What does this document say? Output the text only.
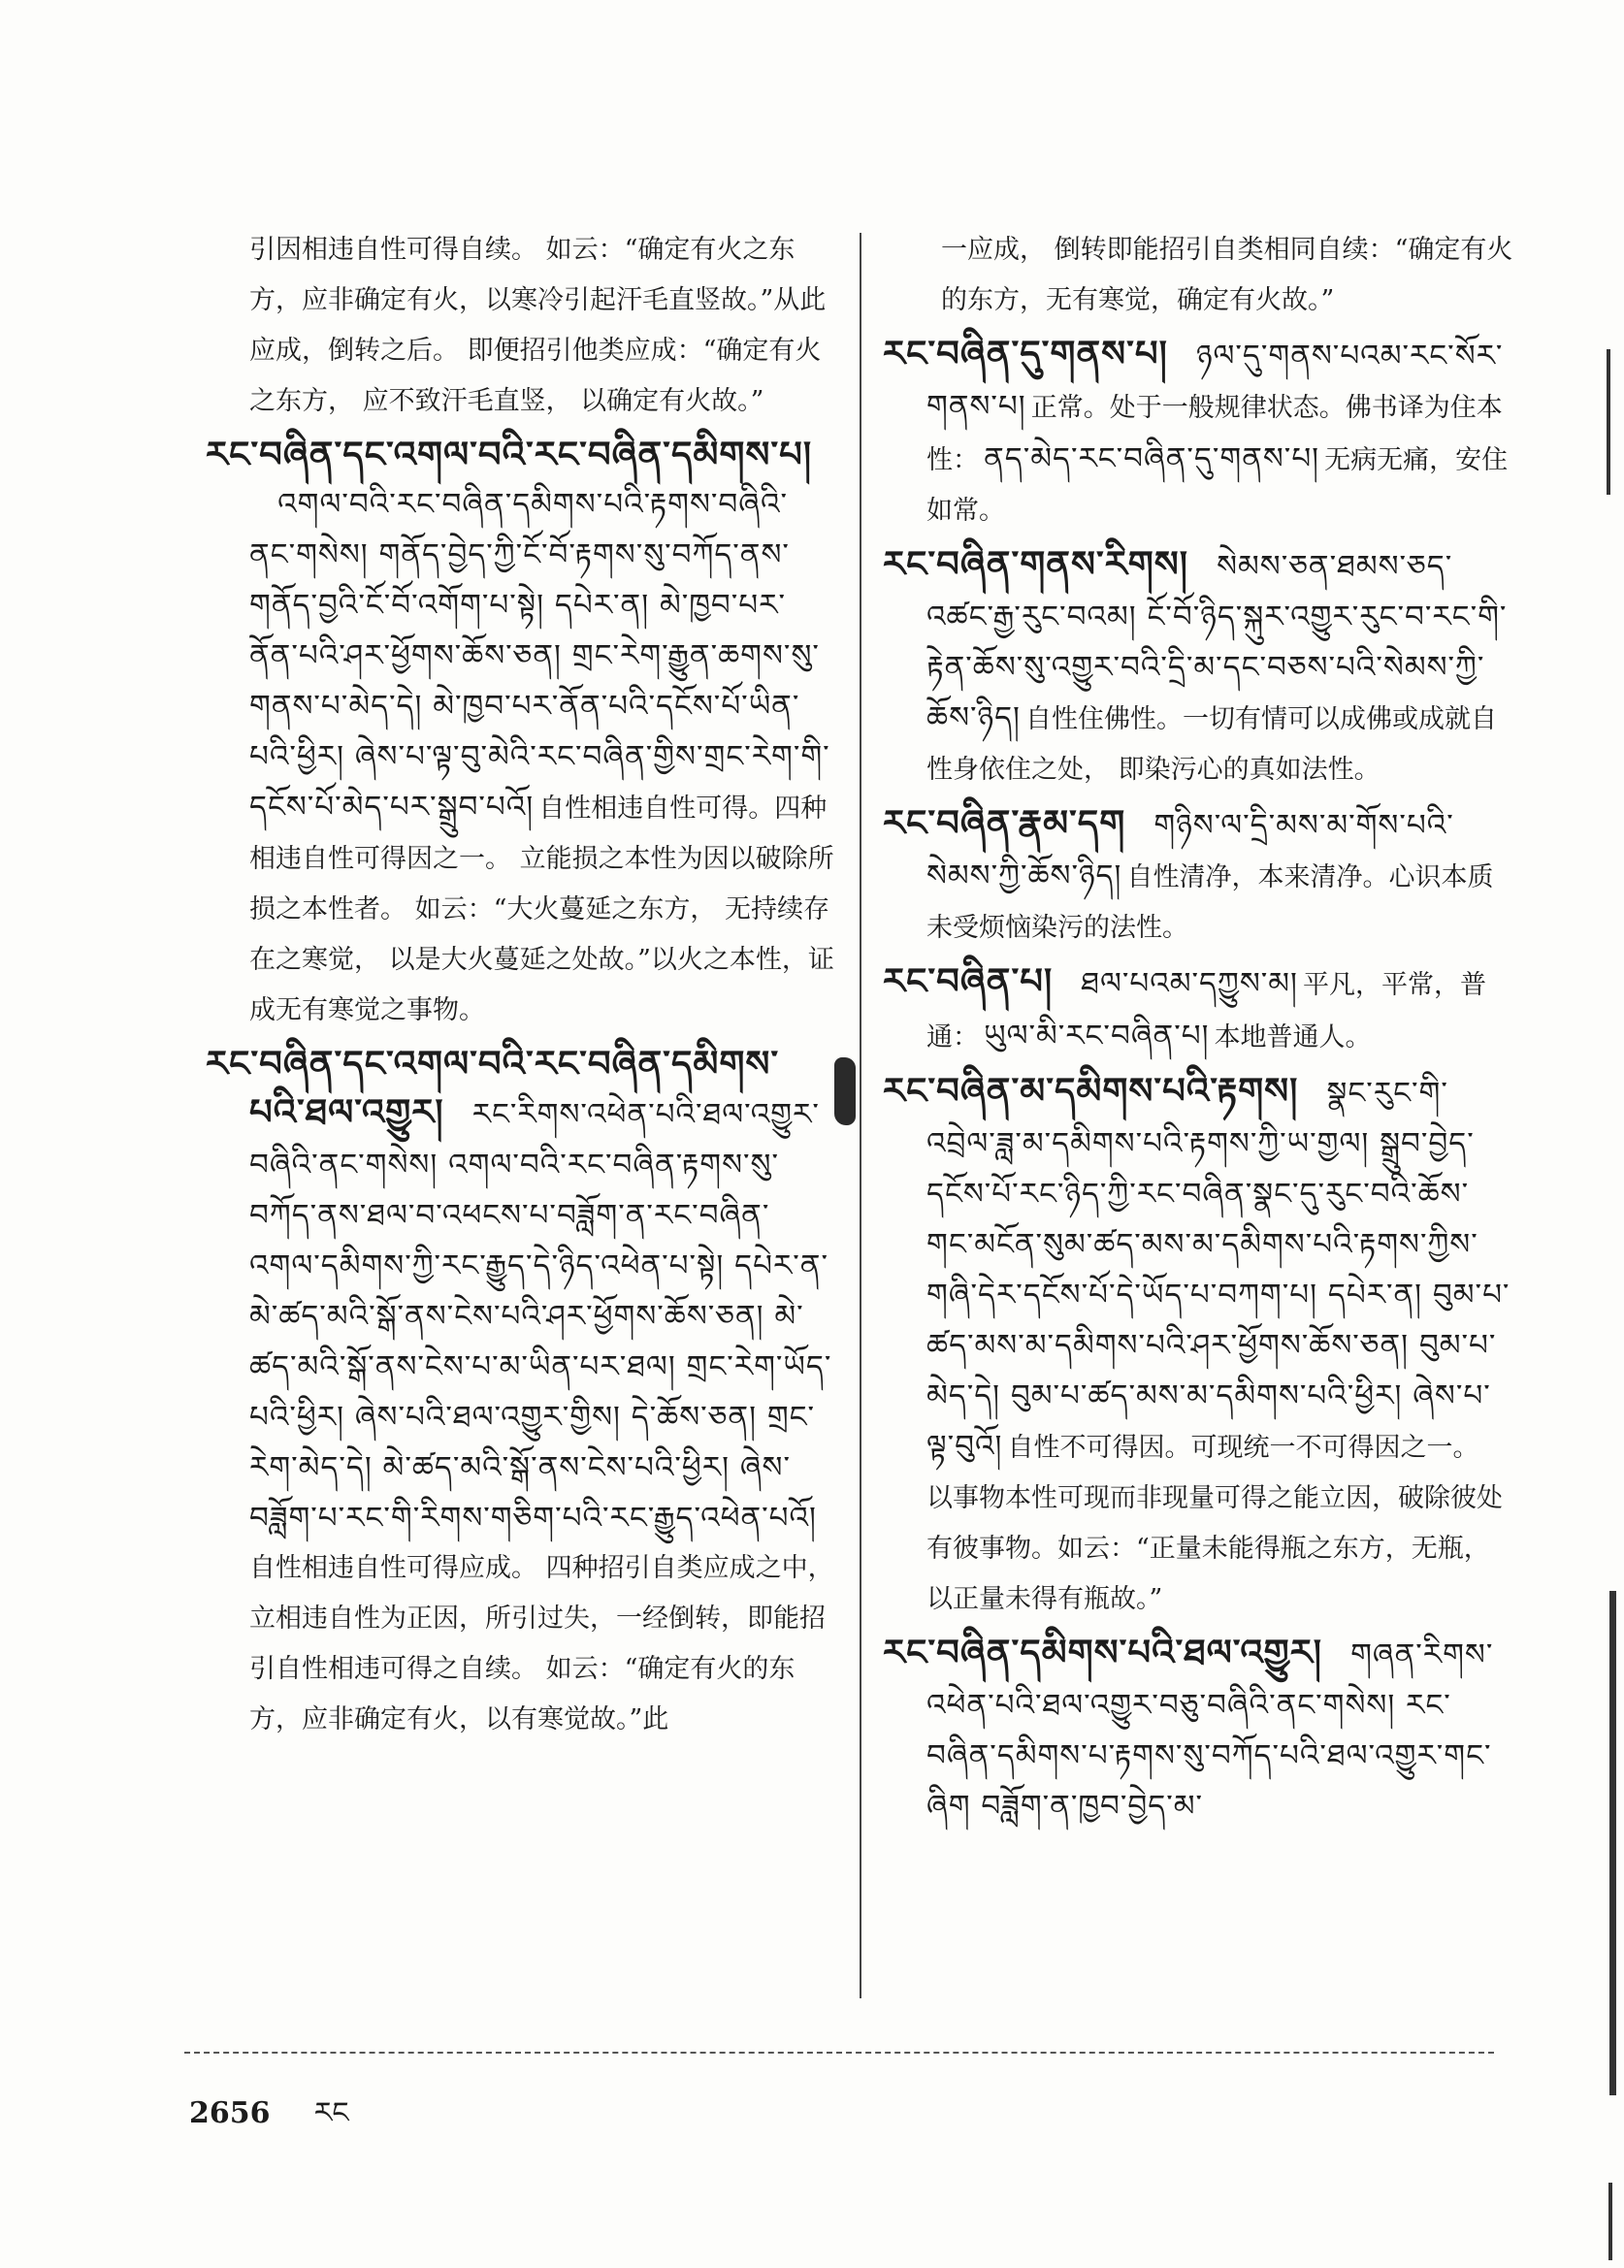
引因相违自性可得自续。 如云：“确定有火之东方，应非确定有火，以寒冷引起汗毛直竖故。”从此应成，倒转之后。 即便招引他类应成：“确定有火之东方， 应不致汗毛直竖， 以确定有火故。”
རང་བཞིན་དང་འགལ་བའི་རང་བཞིན་དམིགས་པ། འགལ་བའི་རང་བཞིན་དམིགས་པའི་རྟགས་བཞིའི་ནང་གསེས། གནོད་བྱེད་ཀྱི་ངོ་བོ་རྟགས་སུ་བཀོད་ནས་གནོད་བྱའི་ངོ་བོ་འགོག་པ་སྟེ། དཔེར་ན། མེ་ཁྱབ་པར་ནོན་པའི་ཤར་ཕྱོགས་ཆོས་ཅན། གྲང་རེག་རྒྱུན་ཆགས་སུ་གནས་པ་མེད་དེ། མེ་ཁྱབ་པར་ནོན་པའི་དངོས་པོ་ཡིན་པའི་ཕྱིར། ཞེས་པ་ལྟ་བུ་མེའི་རང་བཞིན་གྱིས་གྲང་རེག་གི་དངོས་པོ་མེད་པར་སྒྲུབ་པའོ། 自性相违自性可得。四种相违自性可得因之一。 立能损之本性为因以破除所损之本性者。 如云：“大火蔓延之东方， 无持续存在之寒觉， 以是大火蔓延之处故。”以火之本性，证成无有寒觉之事物。
རང་བཞིན་དང་འགལ་བའི་རང་བཞིན་དམིགས་པའི་ཐལ་འགྱུར། རང་རིགས་འཕེན་པའི་ཐལ་འགྱུར་བཞིའི་ནང་གསེས། འགལ་བའི་རང་བཞིན་རྟགས་སུ་བཀོད་ནས་ཐལ་བ་འཕངས་པ་བཟློག་ན་རང་བཞིན་འགལ་དམིགས་ཀྱི་རང་རྒྱུད་དེ་ཉིད་འཕེན་པ་སྟེ། དཔེར་ན་མེ་ཚད་མའི་སྒོ་ནས་ངེས་པའི་ཤར་ཕྱོགས་ཆོས་ཅན། མེ་ཚད་མའི་སྒོ་ནས་ངེས་པ་མ་ཡིན་པར་ཐལ། གྲང་རེག་ཡོད་པའི་ཕྱིར། ཞེས་པའི་ཐལ་འགྱུར་གྱིས། དེ་ཆོས་ཅན། གྲང་རེག་མེད་དེ། མེ་ཚད་མའི་སྒོ་ནས་ངེས་པའི་ཕྱིར། ཞེས་བཟློག་པ་རང་གི་རིགས་གཅིག་པའི་རང་རྒྱུད་འཕེན་པའོ། 自性相违自性可得应成。 四种招引自类应成之中，立相违自性为正因，所引过失，一经倒转，即能招引自性相违可得之自续。 如云：“确定有火的东方，应非确定有火，以有寒觉故。”此
一应成， 倒转即能招引自类相同自续：“确定有火的东方，无有寒觉，确定有火故。”
རང་བཞིན་དུ་གནས་པ། ཉལ་དུ་གནས་པའམ་རང་སོར་གནས་པ། 正常。处于一般规律状态。佛书译为住本性： ནད་མེད་རང་བཞིན་དུ་གནས་པ། 无病无痛，安住如常。
རང་བཞིན་གནས་རིགས། སེམས་ཅན་ཐམས་ཅད་འཚང་རྒྱ་རུང་བའམ། ངོ་བོ་ཉིད་སྐུར་འགྱུར་རུང་བ་རང་གི་རྟེན་ཆོས་སུ་འགྱུར་བའི་དྲི་མ་དང་བཅས་པའི་སེམས་ཀྱི་ཆོས་ཉིད། 自性住佛性。一切有情可以成佛或成就自性身依住之处， 即染污心的真如法性。
རང་བཞིན་རྣམ་དག གཉིས་ལ་དྲི་མས་མ་གོས་པའི་སེམས་ཀྱི་ཆོས་ཉིད། 自性清净，本来清净。心识本质未受烦恼染污的法性。
རང་བཞིན་པ། ཐལ་པའམ་དཀྱུས་མ། 平凡，平常，普通： ཡུལ་མི་རང་བཞིན་པ། 本地普通人。
རང་བཞིན་མ་དམིགས་པའི་རྟགས། སྣང་རུང་གི་འབྲེལ་ཟླ་མ་དམིགས་པའི་རྟགས་ཀྱི་ཡ་གྱལ། སྒྲུབ་བྱེད་དངོས་པོ་རང་ཉིད་ཀྱི་རང་བཞིན་སྣང་དུ་རུང་བའི་ཆོས་གང་མངོན་སུམ་ཚད་མས་མ་དམིགས་པའི་རྟགས་ཀྱིས་གཞི་དེར་དངོས་པོ་དེ་ཡོད་པ་བཀག་པ། དཔེར་ན། བུམ་པ་ཚད་མས་མ་དམིགས་པའི་ཤར་ཕྱོགས་ཆོས་ཅན། བུམ་པ་མེད་དེ། བུམ་པ་ཚད་མས་མ་དམིགས་པའི་ཕྱིར། ཞེས་པ་ལྟ་བུའོ། 自性不可得因。可现统一不可得因之一。 以事物本性可现而非现量可得之能立因，破除彼处有彼事物。如云：“正量未能得瓶之东方，无瓶，以正量未得有瓶故。”
རང་བཞིན་དམིགས་པའི་ཐལ་འགྱུར། གཞན་རིགས་འཕེན་པའི་ཐལ་འགྱུར་བཅུ་བཞིའི་ནང་གསེས། རང་བཞིན་དམིགས་པ་རྟགས་སུ་བཀོད་པའི་ཐལ་འགྱུར་གང་ཞིག བཟློག་ན་ཁྱབ་བྱེད་མ་
2656 རང
